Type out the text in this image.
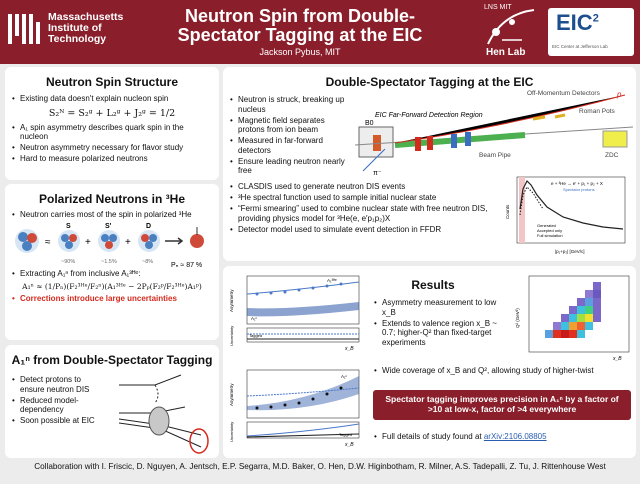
Massachusetts
Institute of
Technology
Neutron Spin from Double-Spectator Tagging at the EIC
Jackson Pybus, MIT
LNS MIT
Hen Lab
EIC$^2$
EIC Center at Jefferson Lab
Neutron Spin Structure
• Existing data doesn't explain nucleon spin
S₂ᴺ = S₂ᵍ + L₂ᵍ + J₂ᵍ = 1/2
• A₁ spin asymmetry describes quark spin in the nucleon
• Neutron asymmetry necessary for flavor study
• Hard to measure polarized neutrons
Polarized Neutrons in ³He
• Neutron carries most of the spin in polarized ³He
≈
S
+
S'
+
D
~90%	~1.5%	~8%	Pₙ ≈ 87 %
• Extracting A₁ⁿ from inclusive A₁³ᴴᵉ:
A₁ⁿ ≈ (1/Pₙ)(F₂³ᴴᵉ/F₂ⁿ)(A₁³ᴴᵉ − 2Pₚ(F₂ᵖ/F₂³ᴴᵉ)A₁ᵖ)
• Corrections introduce large uncertainties
A₁ⁿ from Double-Spectator Tagging
• Detect protons to ensure neutron DIS
• Reduced model-dependency
• Soon possible at EIC
Double-Spectator Tagging at the EIC
• Neutron is struck, breaking up nucleus
• Magnetic field separates protons from ion beam
• Measured in far-forward detectors
• Ensure leading neutron nearly free
EIC Far-Forward Detection Region
B0
Beam Pipe
Off-Momentum Detectors
Roman Pots
ZDC
p
π⁻
• CLASDIS used to generate neutron DIS events
• ³He spectral function used to sample initial nuclear state
• “Fermi smearing” used to combine nuclear state with free neutron DIS, providing physics model for ³He(e, e′p₁p₂)X
• Detector model used to simulate event detection in FFDR
e + ³He → e′ + p₁ + p₂ + X
Spectator protons
Generated
Accepted only
Full simulation
|p₁+p₂| [GeV/c]
Counts
A₁³ᴴᵉ
A₁ⁿ
Asymmetry
Tagged
Uncertainty
x_B
A₁ⁿ
Asymmetry
Tagged
Uncertainty
x_B
Results
• Asymmetry measurement to low x_B
• Extends to valence region x_B ~ 0.7; higher-Q² than fixed-target experiments
• Wide coverage of x_B and Q², allowing study of higher-twist
Q² (GeV²)
x_B
Spectator tagging improves precision in A₁ⁿ by a factor of >10 at low-x, factor of >4 everywhere
• Full details of study found at arXiv:2106.08805
Collaboration with I. Friscic, D. Nguyen, A. Jentsch, E.P. Segarra, M.D. Baker, O. Hen, D.W. Higinbotham, R. Milner, A.S. Tadepalli, Z. Tu, J. Rittenhouse West
